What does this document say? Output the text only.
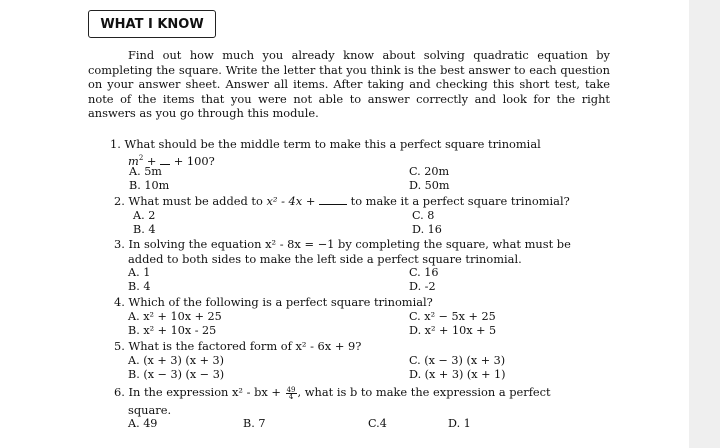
WHAT I KNOW
Find out how much you already know about solving quadratic equation by completing the square. Write the letter that you think is the best answer to each question on your answer sheet. Answer all items. After taking and checking this short test, take note of the items that you were not able to answer correctly and look for the right answers as you go through this module.
1. What should be the middle term to make this a perfect square trinomial
$m^2$ +  + 100?
A. 5m
B. 10m
C. 20m
D. 50m
2. What must be added to x² - 4x +  to make it a perfect square trinomial?
A. 2
B. 4
C. 8
D. 16
3. In solving the equation x² - 8x = −1 by completing the square, what must be
added to both sides to make the left side a perfect square trinomial.
A. 1
B. 4
C. 16
D. -2
4. Which of the following is a perfect square trinomial?
A. x² + 10x + 25
B. x² + 10x - 25
C. x² − 5x + 25
D. x² + 10x + 5
5. What is the factored form of x² - 6x + 9?
A. (x + 3) (x + 3)
B. (x − 3) (x − 3)
C. (x − 3) (x + 3)
D. (x + 3) (x + 1)
6. In the expression x² - bx + $\frac{49}{4}$ , what is b to make the expression a perfect
square.
A. 49	B. 7	C.4	D. 1
